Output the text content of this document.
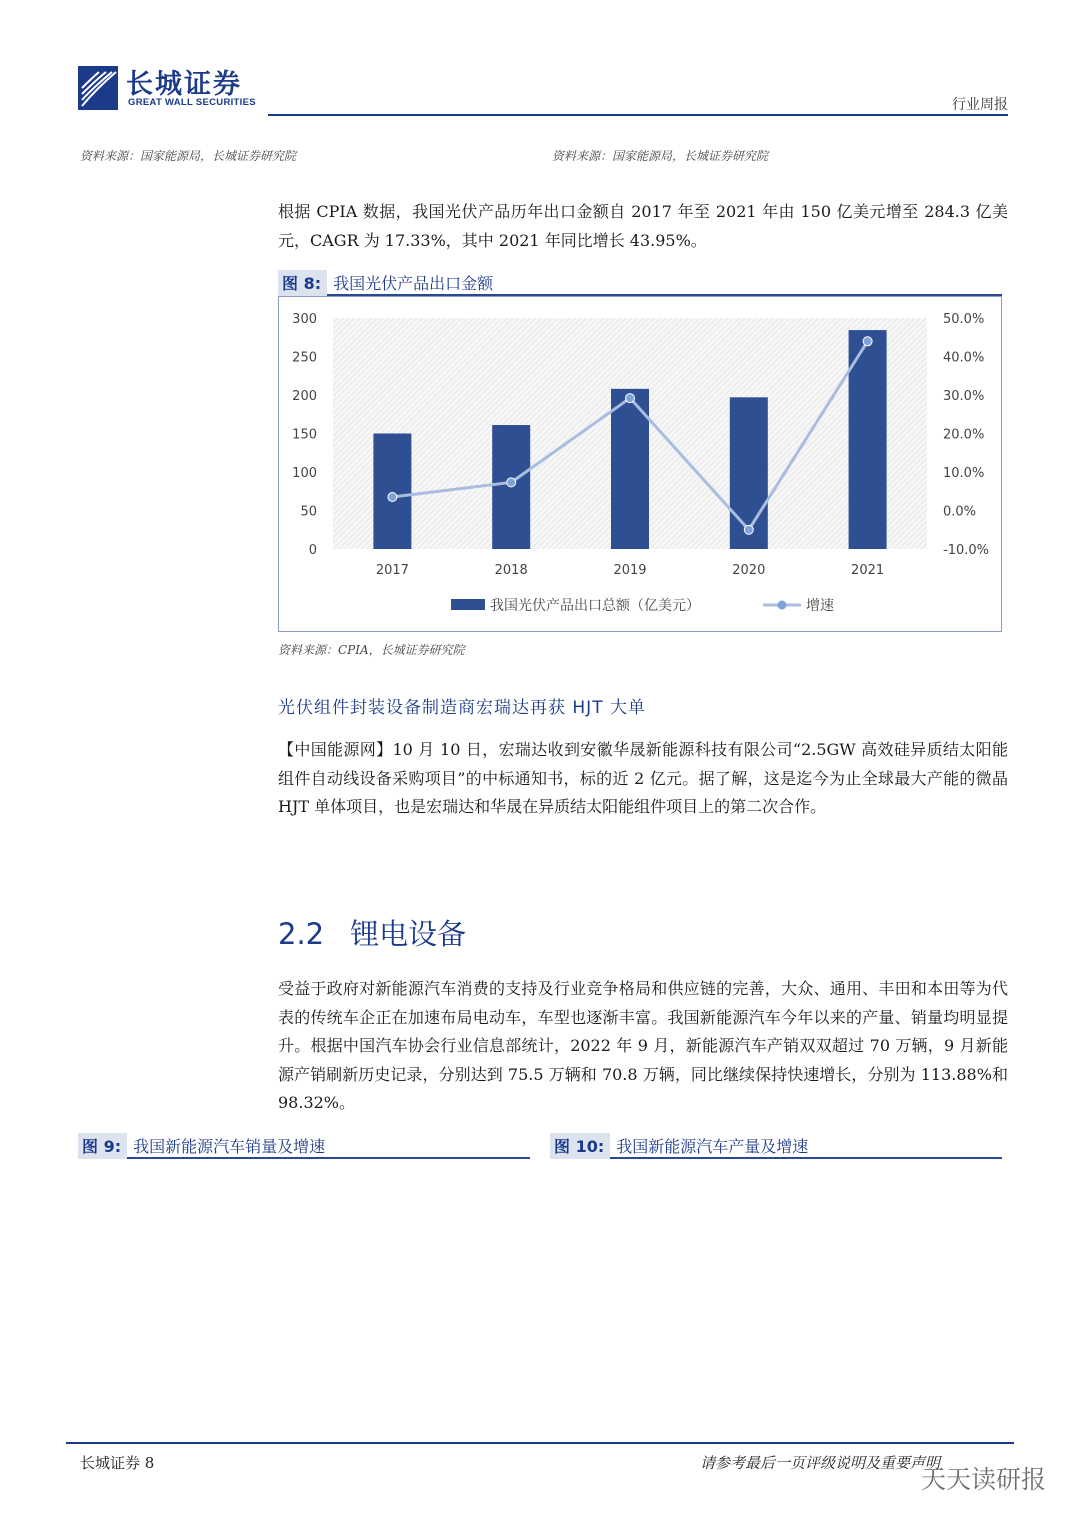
长城证券
GREAT WALL SECURITIES	行业周报
资料来源：国家能源局，长城证券研究院	资料来源：国家能源局，长城证券研究院
根据 CPIA 数据，我国光伏产品历年出口金额自 2017 年至 2021 年由 150 亿美元增至 284.3 亿美元，CAGR 为 17.33%，其中 2021 年同比增长 43.95%。
图 8: 我国光伏产品出口金额
300
250
200
150
100
50
0
50.0%
40.0%
30.0%
20.0%
10.0%
0.0%
-10.0%
2017	2018	2019	2020	2021
我国光伏产品出口总额（亿美元）	增速
资料来源：CPIA，长城证券研究院
光伏组件封装设备制造商宏瑞达再获 HJT 大单
【中国能源网】10 月 10 日，宏瑞达收到安徽华晟新能源科技有限公司“2.5GW 高效硅异质结太阳能组件自动线设备采购项目”的中标通知书，标的近 2 亿元。据了解，这是迄今为止全球最大产能的微晶 HJT 单体项目，也是宏瑞达和华晟在异质结太阳能组件项目上的第二次合作。
2.2 锂电设备
受益于政府对新能源汽车消费的支持及行业竞争格局和供应链的完善，大众、通用、丰田和本田等为代表的传统车企正在加速布局电动车，车型也逐渐丰富。我国新能源汽车今年以来的产量、销量均明显提升。根据中国汽车协会行业信息部统计，2022 年 9 月，新能源汽车产销双双超过 70 万辆，9 月新能源产销刷新历史记录，分别达到 75.5 万辆和 70.8 万辆，同比继续保持快速增长，分别为 113.88%和 98.32%。
图 9: 我国新能源汽车销量及增速	图 10: 我国新能源汽车产量及增速
长城证券 8	请参考最后一页评级说明及重要声明
天天读研报
